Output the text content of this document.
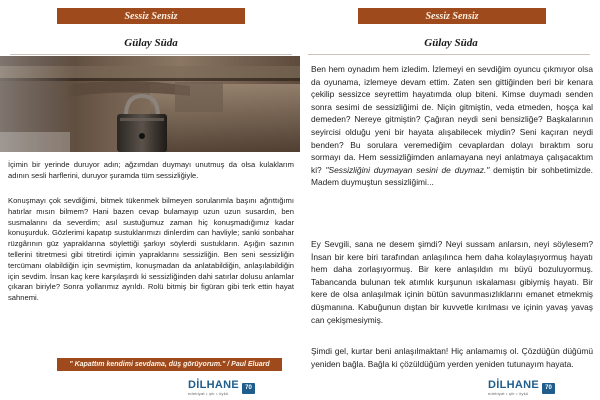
Sessiz Sensiz
Gülay Süda

İçimin bir yerinde duruyor adın; ağzımdan duymayı unutmuş da olsa kulaklarım adının sesli harflerini, duruyor şuramda tüm sessizliğiyle.

Konuşmayı çok sevdiğimi, bitmek tükenmek bilmeyen sorularımla başını ağrıttığımı hatırlar mısın bilmem? Hani bazen cevap bulamayıp uzun uzun susardın, ben susmalarını da severdim; asıl sustuğumuz zaman hiç konuşmadığımız kadar konuşurduk. Gözlerimi kapatıp sustuklarımızı dinlerdim can havliyle; sanki sonbahar rüzgârının güz yapraklarına söylettiği şarkıyı söylerdi sustukların. Aşığın sazının tellerini titretmesi gibi titretirdi içimin yapraklarını sessizliğin. Ben seni sessizliğin tercümanı olabildiğin için sevmiştim, konuşmadan da anlatabildiğin, anlaşılabildiğin için sevdim. İnsan kaç kere karşılaşırdı ki sessizliğinden dahi satırlar dolusu anlamlar çıkaran biriyle? Sonra yollarımız ayrıldı. Rolü bitmiş bir figüran gibi terk ettin hayat sahnemi.

" Kapattım kendimi sevdama, düş görüyorum." / Paul Eluard
DİLHANE
edebiyat • şiir • öykü
70
Sessiz Sensiz
Gülay Süda

Ben hem oynadım hem izledim. İzlemeyi en sevdiğim oyuncu çıkmıyor olsa da oyunama, izlemeye devam ettim. Zaten sen gittiğinden beri bir kenara çekilip sessizce seyrettim hayatımda olup biteni. Kimse duymadı senden sonra sesimi de sessizliğimi de. Niçin gitmiştin, veda etmeden, hoşça kal demeden? Nereye gitmiştin? Çağıran neydi seni bensizliğe? Başkalarının seyircisi olduğu yeni bir hayata alışabilecek miydin? Seni kaçıran neydi benden? Bu sorulara veremediğim cevaplardan dolayı bıraktım soru sormayı da. Hem sessizliğimden anlamayana neyi anlatmaya çalışacaktım ki? "Sessizliğini duymayan sesini de duymaz." demiştin bir sohbetimizde. Madem duymuştun sessizliğimi...

Ey Sevgili, sana ne desem şimdi? Neyi sussam anlarsın, neyi söylesem? İnsan bir kere biri tarafından anlaşılınca hem daha kolaylaşıyormuş hayatı hem daha zorlaşıyormuş. Bir kere anlaşıldın mı büyü bozuluyormuş. Tabancanda bulunan tek atımlık kurşunun ıskalaması gibiymiş hayatı. Bir kere de olsa anlaşılmak içinin bütün savunmasızlıklarını emanet etmekmiş düşmanına. Kabuğunun dıştan bir kuvvetle kırılması ve içinin yavaş yavaş can çekişmesiymiş.

Şimdi gel, kurtar beni anlaşılmaktan! Hiç anlamamış ol. Çözdüğün düğümü yeniden bağla. Bağla ki çözüldüğüm yerden yeniden tutunayım hayata.

DİLHANE
edebiyat • şiir • öykü
70
